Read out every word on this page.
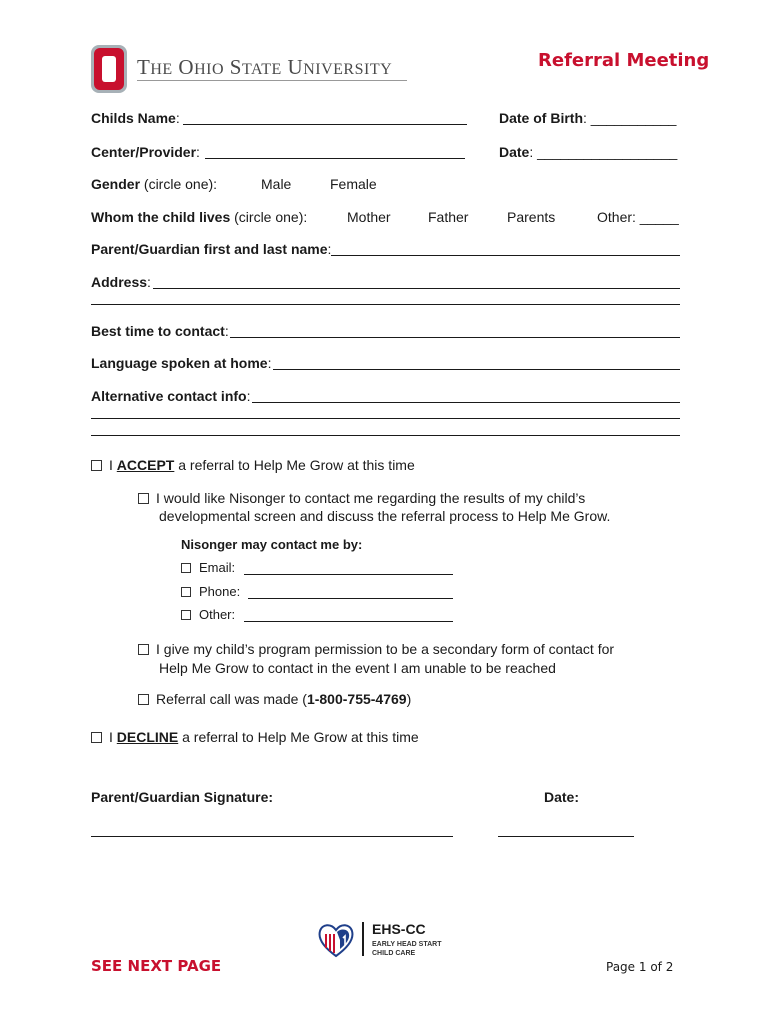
THE OHIO STATE UNIVERSITY	Referral Meeting
Childs Name:	Date of Birth: ___________
Center/Provider:	Date: __________________
Gender (circle one):	Male	Female
Whom the child lives (circle one):	Mother	Father	Parents	Other: _____
Parent/Guardian first and last name:
Address:
Best time to contact:
Language spoken at home:
Alternative contact info:
I ACCEPT a referral to Help Me Grow at this time
I would like Nisonger to contact me regarding the results of my child’s
developmental screen and discuss the referral process to Help Me Grow.
Nisonger may contact me by:
Email:
Phone:
Other:
I give my child’s program permission to be a secondary form of contact for
Help Me Grow to contact in the event I am unable to be reached
Referral call was made (1-800-755-4769)
I DECLINE a referral to Help Me Grow at this time
Parent/Guardian Signature:	Date:
EHS-CC
EARLY HEAD START
CHILD CARE
SEE NEXT PAGE	Page 1 of 2
